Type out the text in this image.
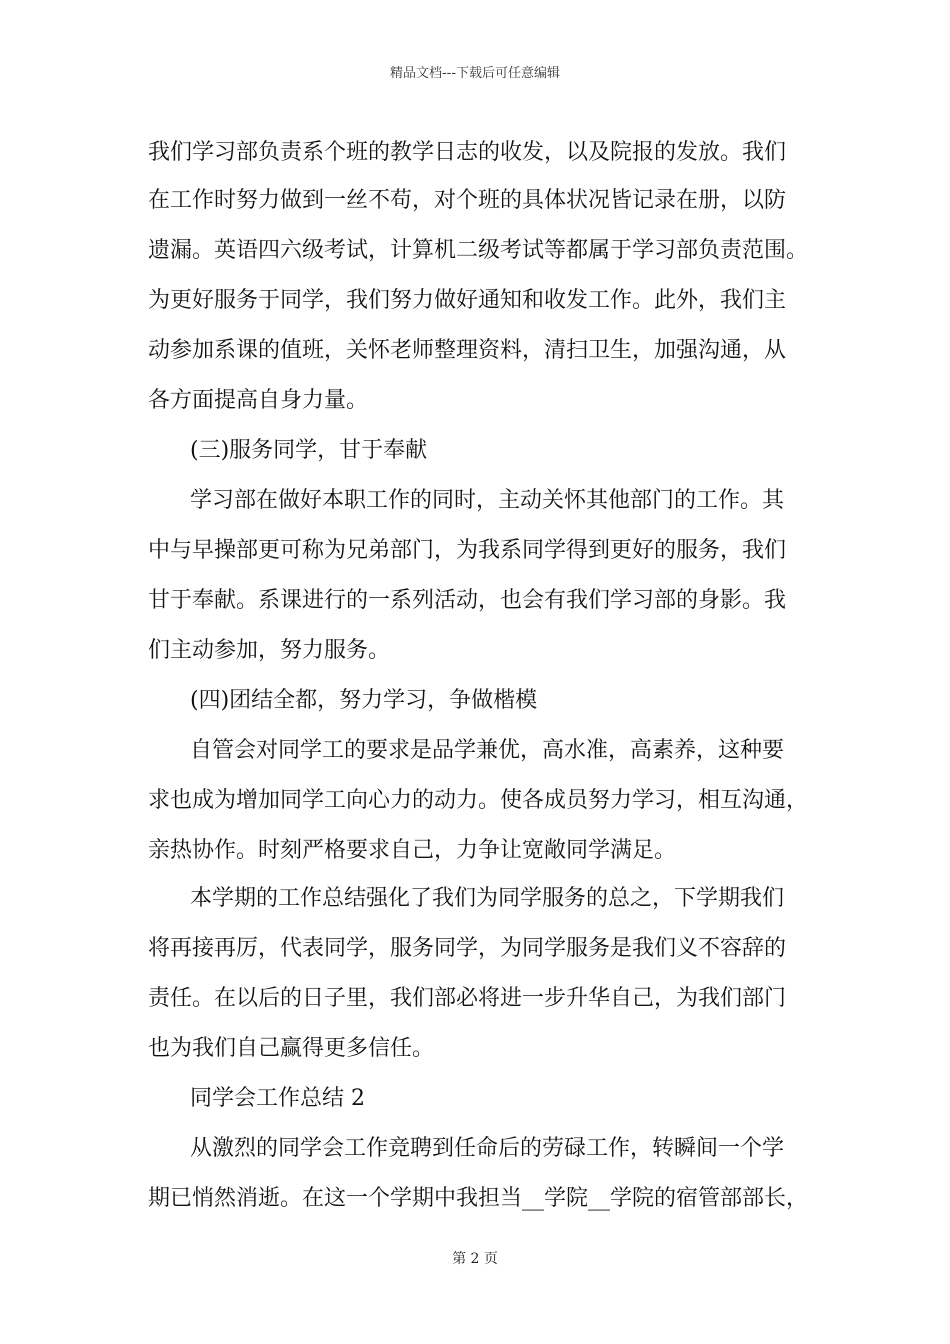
精品文档---下载后可任意编辑
我们学习部负责系个班的教学日志的收发，以及院报的发放。我们
在工作时努力做到一丝不苟，对个班的具体状况皆记录在册，以防
遗漏。英语四六级考试，计算机二级考试等都属于学习部负责范围。
为更好服务于同学，我们努力做好通知和收发工作。此外，我们主
动参加系课的值班，关怀老师整理资料，清扫卫生，加强沟通，从
各方面提高自身力量。
(三)服务同学，甘于奉献
学习部在做好本职工作的同时，主动关怀其他部门的工作。其
中与早操部更可称为兄弟部门，为我系同学得到更好的服务，我们
甘于奉献。系课进行的一系列活动，也会有我们学习部的身影。我
们主动参加，努力服务。
(四)团结全都，努力学习，争做楷模
自管会对同学工的要求是品学兼优，高水准，高素养，这种要
求也成为增加同学工向心力的动力。使各成员努力学习，相互沟通，
亲热协作。时刻严格要求自己，力争让宽敞同学满足。
本学期的工作总结强化了我们为同学服务的总之，下学期我们
将再接再厉，代表同学，服务同学，为同学服务是我们义不容辞的
责任。在以后的日子里，我们部必将进一步升华自己，为我们部门
也为我们自己赢得更多信任。
同学会工作总结 2
从激烈的同学会工作竞聘到任命后的劳碌工作，转瞬间一个学
期已悄然消逝。在这一个学期中我担当__学院__学院的宿管部部长，
第 2 页
